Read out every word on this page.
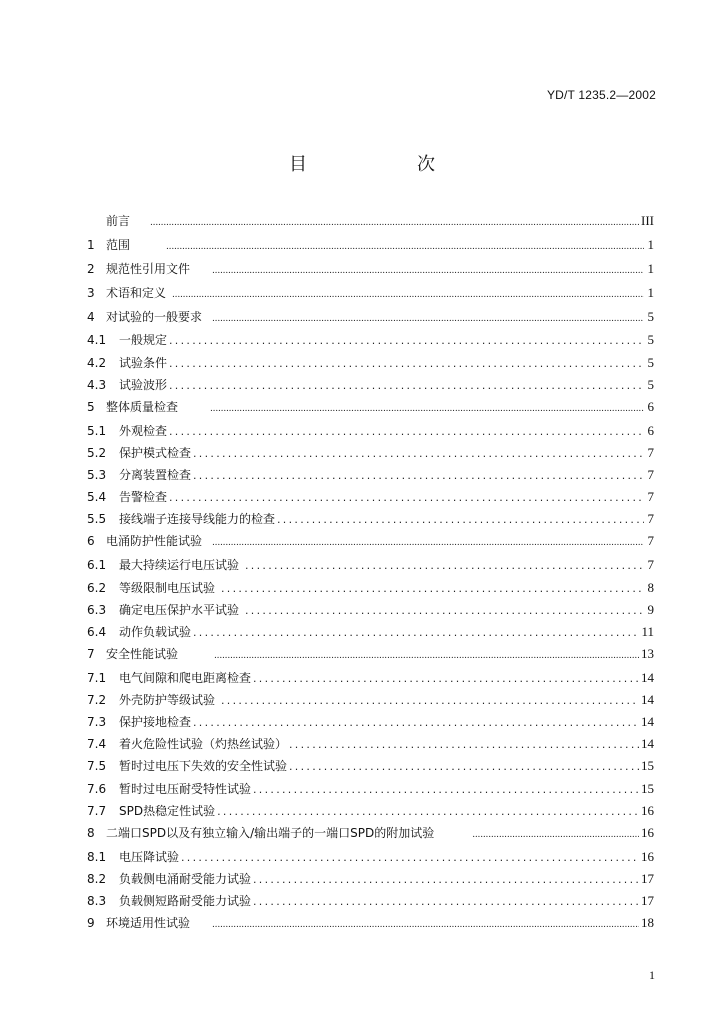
YD/T 1235.2—2002
目　次
前言 .....	III
1 范围 .....	1
2 规范性引用文件 .....	1
3 术语和定义 .....	1
4 对试验的一般要求 .....	5
4.1	一般规定 . . .	5
4.2	试验条件 . . .	5
4.3	试验波形 . . .	5
5 整体质量检查 .....	6
5.1	外观检查 . . .	6
5.2	保护模式检查 . . .	7
5.3	分离装置检查 . . .	7
5.4	告警检查 . . .	7
5.5	接线端子连接导线能力的检查 . . .	7
6 电涌防护性能试验 .....	7
6.1	最大持续运行电压试验 . . .	7
6.2	等级限制电压试验 . . .	8
6.3	确定电压保护水平试验 . . .	9
6.4	动作负载试验 . . .	11
7 安全性能试验 .....	13
7.1	电气间隙和爬电距离检查 . . .	14
7.2	外壳防护等级试验 . . .	14
7.3	保护接地检查 . . .	14
7.4	着火危险性试验（灼热丝试验） . . .	14
7.5	暂时过电压下失效的安全性试验 . . .	15
7.6	暂时过电压耐受特性试验 . . .	15
7.7	SPD热稳定性试验 . . .	16
8 二端口SPD以及有独立输入/输出端子的一端口SPD的附加试验 .....	16
8.1	电压降试验 . . .	16
8.2	负载侧电涌耐受能力试验 . . .	17
8.3	负载侧短路耐受能力试验 . . .	17
9 环境适用性试验 .....	18
1
